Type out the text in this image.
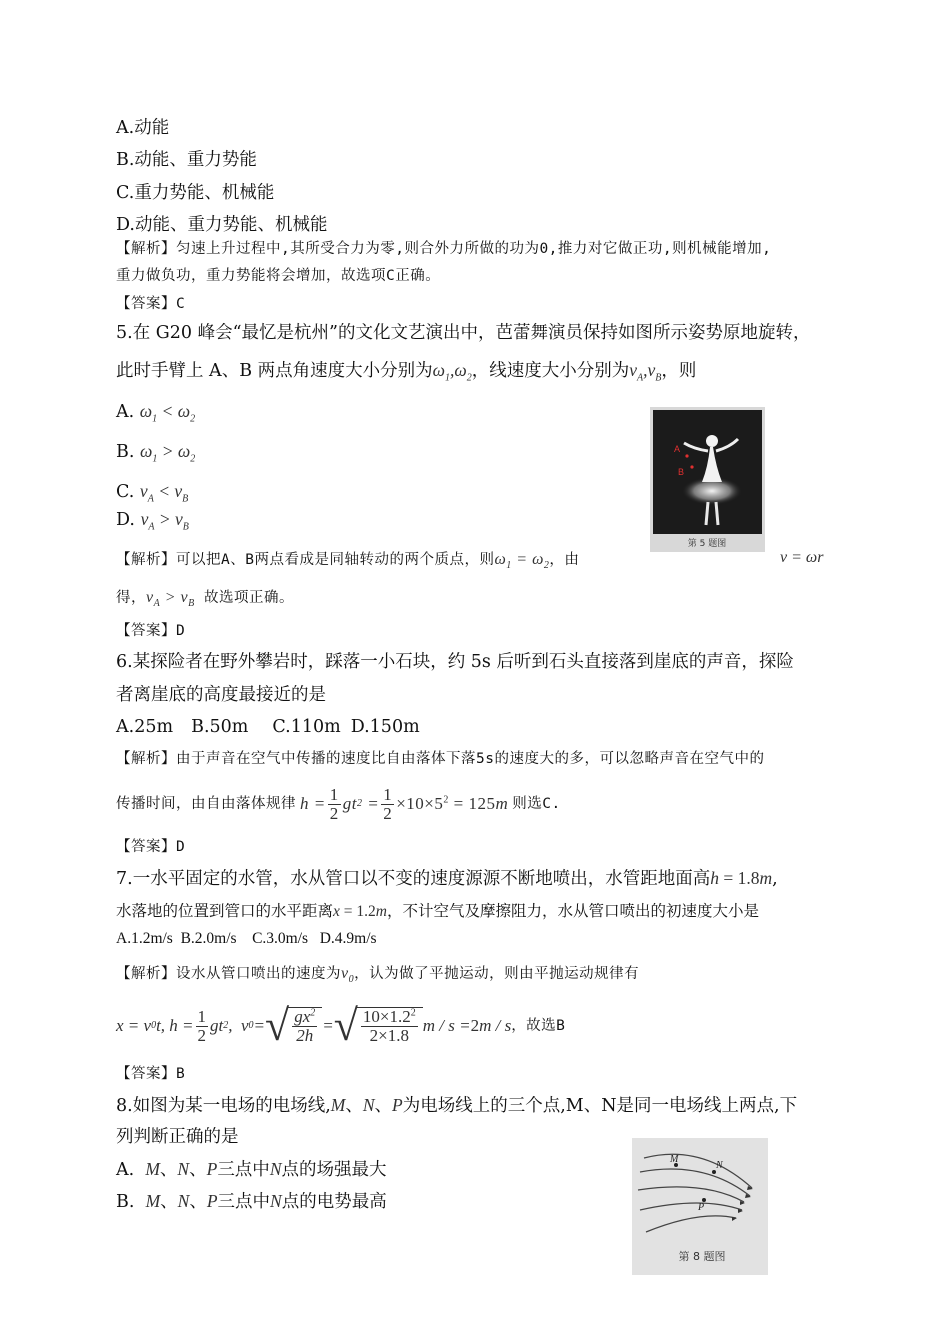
A.动能
B.动能、重力势能
C.重力势能、机械能
D.动能、重力势能、机械能
【解析】匀速上升过程中,其所受合力为零,则合外力所做的功为0,推力对它做正功,则机械能增加,
重力做负功，重力势能将会增加，故选项C正确。
【答案】C
5.在 G20 峰会“最忆是杭州”的文化文艺演出中，芭蕾舞演员保持如图所示姿势原地旋转，
此时手臂上 A、B 两点角速度大小分别为$\omega_1,\omega_2$，线速度大小分别为$v_A,v_B$，则
A. $\omega_1 < \omega_2$
B. $\omega_1 > \omega_2$
C. $v_A < v_B$
D. $v_A > v_B$
A
B
第 5 题图
【解析】可以把A、B两点看成是同轴转动的两个质点，则$\omega_1 = \omega_2$，由	v = ωr
得，$v_A > v_B$ 故选项正确。
【答案】D
6.某探险者在野外攀岩时，踩落一小石块，约 5s 后听到石头直接落到崖底的声音，探险
者离崖底的高度最接近的是
A.25m B.50m C.110m D.150m
【解析】由于声音在空气中传播的速度比自由落体下落5s的速度大的多，可以忽略声音在空气中的
传播时间，由自由落体规律 $h = \frac{1}{2}$ gt $2 = \frac{1}{2} \times 10\times 5^2 = 125$ m 则选C.
【答案】D
7.一水平固定的水管，水从管口以不变的速度源源不断地喷出，水管距地面高h = 1.8m,
水落地的位置到管口的水平距离x = 1.2m，不计空气及摩擦阻力，水从管口喷出的初速度大小是
A.1.2m/s B.2.0m/s C.3.0m/s D.4.9m/s
【解析】设水从管口喷出的速度为$v_0$，认为做了平抛运动，则由平抛运动规律有
x = v 0 t, $h = \frac{1}{2}$ gt 2 ,  v 0 = √ $\frac{gx^2}{2h}$ = √ $\frac{10\times 1.2^2}{2\times 1.8}$ m / s = 2 m / s ，故选B
【答案】B
8.如图为某一电场的电场线,M、N、P为电场线上的三个点,M、N是同一电场线上两点,下
列判断正确的是
A. M、N、P三点中N点的场强最大
B. M、N、P三点中N点的电势最高
M
N
P
第 8 题图
